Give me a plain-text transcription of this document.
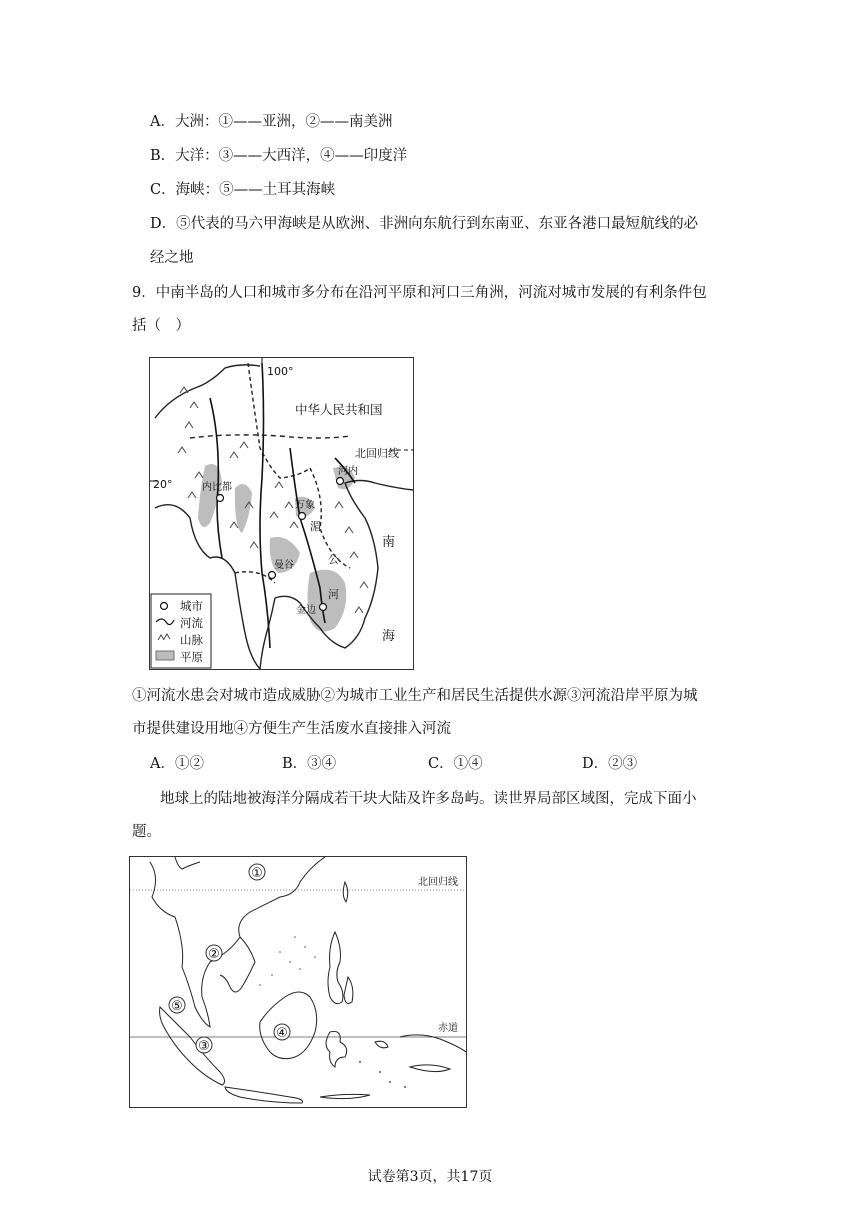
A．大洲：①——亚洲，②——南美洲
B．大洋：③——大西洋，④——印度洋
C．海峡：⑤——土耳其海峡
D．⑤代表的马六甲海峡是从欧洲、非洲向东航行到东南亚、东亚各港口最短航线的必
经之地
9．中南半岛的人口和城市多分布在沿河平原和河口三角洲，河流对城市发展的有利条件包
括（　）
100°
20°
中华人民共和国
北回归线
内比都
万象
曼谷
金边
河内
湄
公
河
南
海
城市
河流
山脉
平原
①河流水患会对城市造成威胁②为城市工业生产和居民生活提供水源③河流沿岸平原为城
市提供建设用地④方便生产生活废水直接排入河流
A．①②	B．③④	C．①④	D．②③
地球上的陆地被海洋分隔成若干块大陆及许多岛屿。读世界局部区域图，完成下面小
题。
①
②
③
④
⑤
北回归线
赤道
试卷第3页，共17页
